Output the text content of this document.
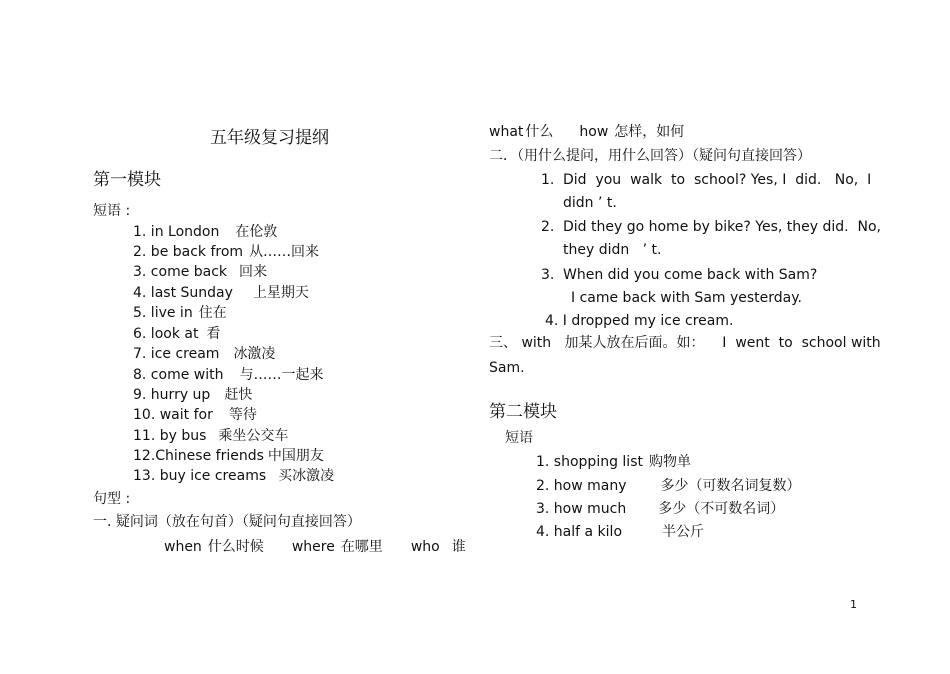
五年级复习提纲
第一模块
短语 :
1. in London 在伦敦
2. be back from 从……回来
3. come back 回来
4. last Sunday 上星期天
5. live in 住在
6. look at 看
7. ice cream 冰激凌
8. come with 与……一起来
9. hurry up 赶快
10. wait for 等待
11. by bus 乘坐公交车
12.Chinese friends 中国朋友
13. buy ice creams 买冰激凌
句型 :
一. 疑问词（放在句首）（疑问句直接回答）
when 什么时候 where 在哪里 who 谁
what 什么 how 怎样，如何
二．（用什么提问，用什么回答）（疑问句直接回答）
1. Did  you  walk  to  school? Yes, I  did.   No,  I
didn ’ t.
2. Did they go home by bike? Yes, they did.  No,
they didn   ’ t.
3. When did you come back with Sam?
I came back with Sam yesterday.
4. I dropped my ice cream.
三、 with   加某人放在后面。如：    I  went  to  school with
Sam.
第二模块
短语
1. shopping list 购物单
2. how many 多少（可数名词复数）
3. how much 多少（不可数名词）
4. half a kilo	半公斤
1
